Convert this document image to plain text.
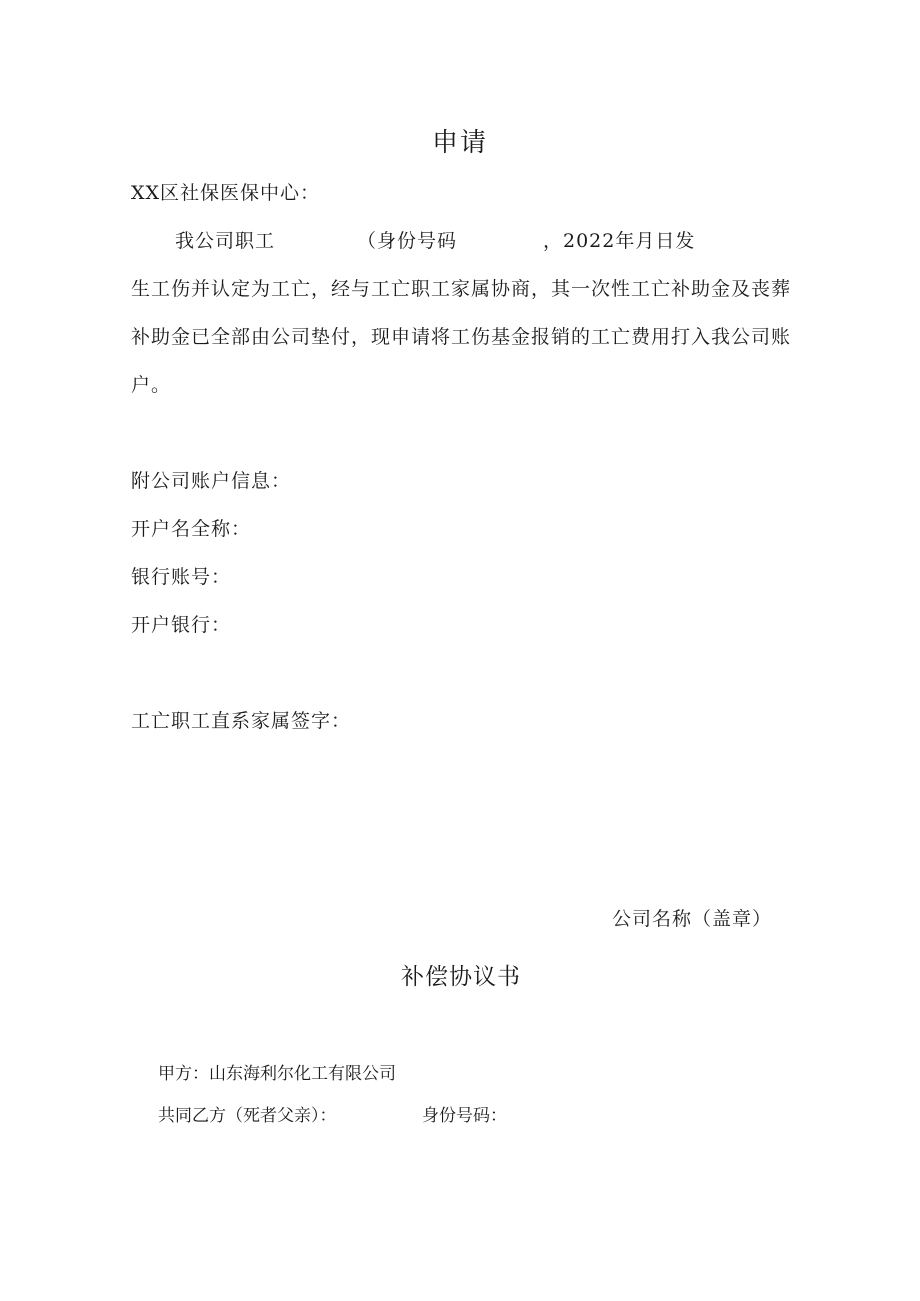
申请
XX区社保医保中心：
我公司职工	（身份号码	，2022年月日发
生工伤并认定为工亡，经与工亡职工家属协商，其一次性工亡补助金及丧葬
补助金已全部由公司垫付，现申请将工伤基金报销的工亡费用打入我公司账
户。
附公司账户信息：
开户名全称：
银行账号：
开户银行：
工亡职工直系家属签字：
公司名称（盖章）
补偿协议书
甲方：山东海利尔化工有限公司
共同乙方（死者父亲）：	身份号码：
